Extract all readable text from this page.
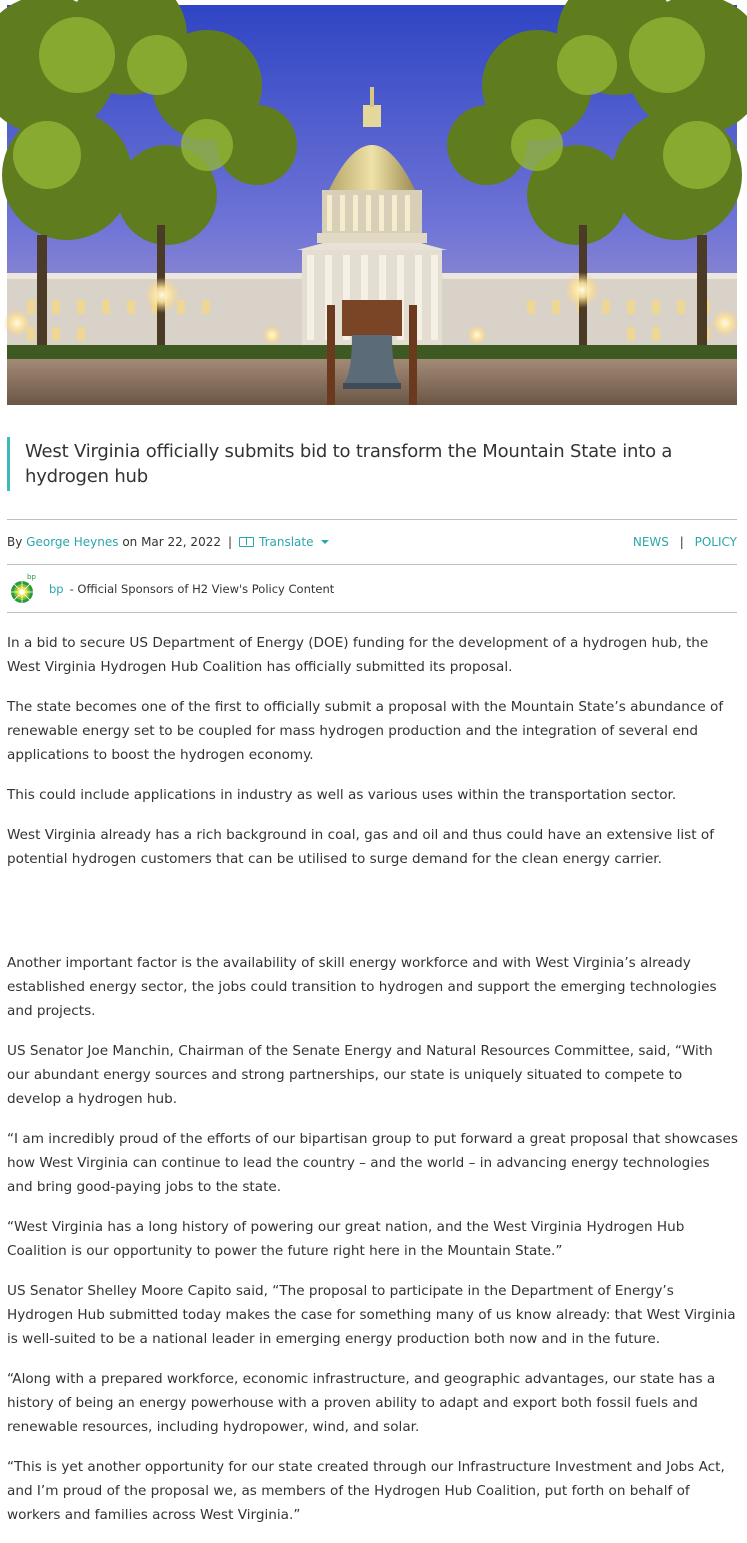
West Virginia officially submits bid to transform the Mountain State into a hydrogen hub
By
George Heynes
on Mar 22, 2022 | Translate	NEWS | POLICY
bp
bp - Official Sponsors of H2 View's Policy Content

In a bid to secure US Department of Energy (DOE) funding for the development of a hydrogen hub, the West Virginia Hydrogen Hub Coalition has officially submitted its proposal.

The state becomes one of the first to officially submit a proposal with the Mountain State’s abundance of renewable energy set to be coupled for mass hydrogen production and the integration of several end applications to boost the hydrogen economy.

This could include applications in industry as well as various uses within the transportation sector.

West Virginia already has a rich background in coal, gas and oil and thus could have an extensive list of potential hydrogen customers that can be utilised to surge demand for the clean energy carrier.

Another important factor is the availability of skill energy workforce and with West Virginia’s already established energy sector, the jobs could transition to hydrogen and support the emerging technologies and projects.

US Senator Joe Manchin, Chairman of the Senate Energy and Natural Resources Committee, said, “With our abundant energy sources and strong partnerships, our state is uniquely situated to compete to develop a hydrogen hub.

“I am incredibly proud of the efforts of our bipartisan group to put forward a great proposal that showcases how West Virginia can continue to lead the country – and the world – in advancing energy technologies and bring good-paying jobs to the state.

“West Virginia has a long history of powering our great nation, and the West Virginia Hydrogen Hub Coalition is our opportunity to power the future right here in the Mountain State.”

US Senator Shelley Moore Capito said, “The proposal to participate in the Department of Energy’s Hydrogen Hub submitted today makes the case for something many of us know already: that West Virginia is well-suited to be a national leader in emerging energy production both now and in the future.

“Along with a prepared workforce, economic infrastructure, and geographic advantages, our state has a history of being an energy powerhouse with a proven ability to adapt and export both fossil fuels and renewable resources, including hydropower, wind, and solar.

“This is yet another opportunity for our state created through our Infrastructure Investment and Jobs Act, and I’m proud of the proposal we, as members of the Hydrogen Hub Coalition, put forth on behalf of workers and families across West Virginia.”
